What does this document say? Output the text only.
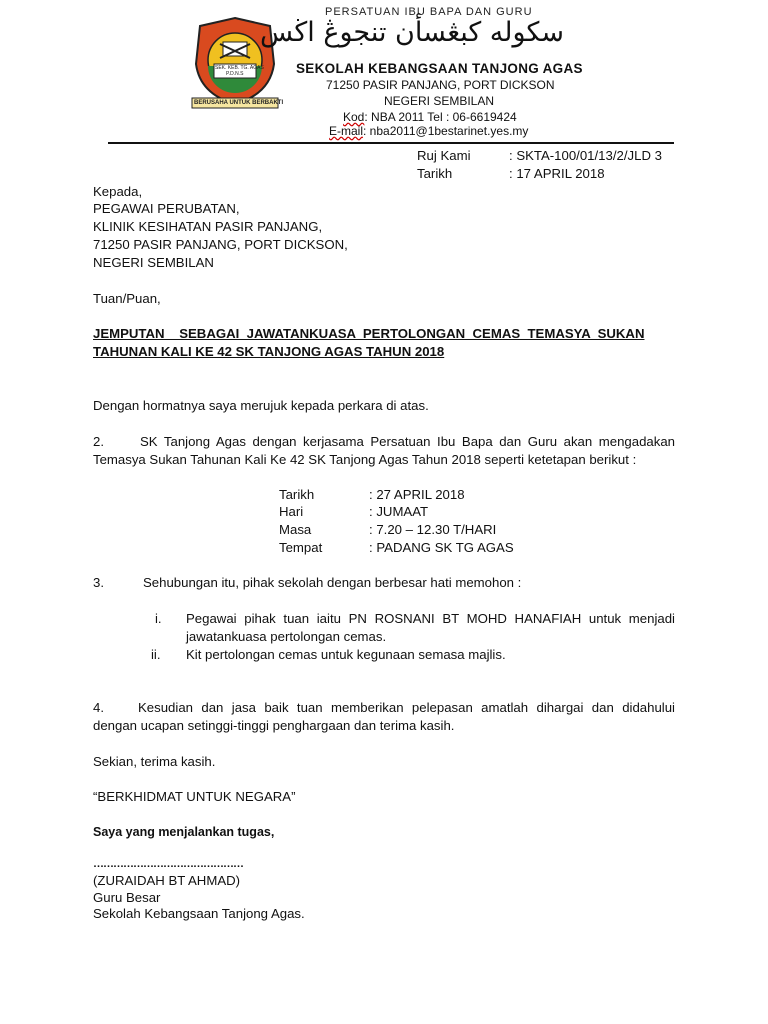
SEK. KEB. TG. AGAS
P.D.N.S
BERUSAHA UNTUK BERBAKTI
PERSATUAN IBU BAPA DAN GURU
سكوله كبڠسأن تنجوڠ اڬس
SEKOLAH KEBANGSAAN TANJONG AGAS
71250 PASIR PANJANG, PORT DICKSON
NEGERI SEMBILAN
Kod: NBA 2011 Tel : 06-6619424
E-mail: nba2011@1bestarinet.yes.my
Ruj Kami	: SKTA-100/01/13/2/JLD 3
Tarikh	: 17 APRIL 2018
Kepada,
PEGAWAI PERUBATAN,
KLINIK KESIHATAN PASIR PANJANG,
71250 PASIR PANJANG, PORT DICKSON,
NEGERI SEMBILAN
Tuan/Puan,
JEMPUTAN    SEBAGAI  JAWATANKUASA  PERTOLONGAN  CEMAS  TEMASYA  SUKAN
TAHUNAN KALI KE 42 SK TANJONG AGAS TAHUN 2018
Dengan hormatnya saya merujuk kepada perkara di atas.
2.	SK Tanjong Agas dengan kerjasama Persatuan Ibu Bapa dan Guru akan mengadakan
Temasya Sukan Tahunan Kali Ke 42 SK Tanjong Agas Tahun 2018 seperti ketetapan berikut :
Tarikh	: 27 APRIL 2018
Hari	: JUMAAT
Masa	: 7.20 – 12.30 T/HARI
Tempat	: PADANG SK TG AGAS
3.	Sehubungan itu, pihak sekolah dengan berbesar hati memohon :
i. Pegawai pihak tuan iaitu PN ROSNANI BT MOHD HANAFIAH untuk menjadi
jawatankuasa pertolongan cemas.
ii. Kit pertolongan cemas untuk kegunaan semasa majlis.
4.	Kesudian dan jasa baik tuan memberikan pelepasan amatlah dihargai dan didahului
dengan ucapan setinggi-tinggi penghargaan dan terima kasih.
Sekian, terima kasih.
“BERKHIDMAT UNTUK NEGARA”
Saya yang menjalankan tugas,
………………………………………
(ZURAIDAH BT AHMAD)
Guru Besar
Sekolah Kebangsaan Tanjong Agas.
